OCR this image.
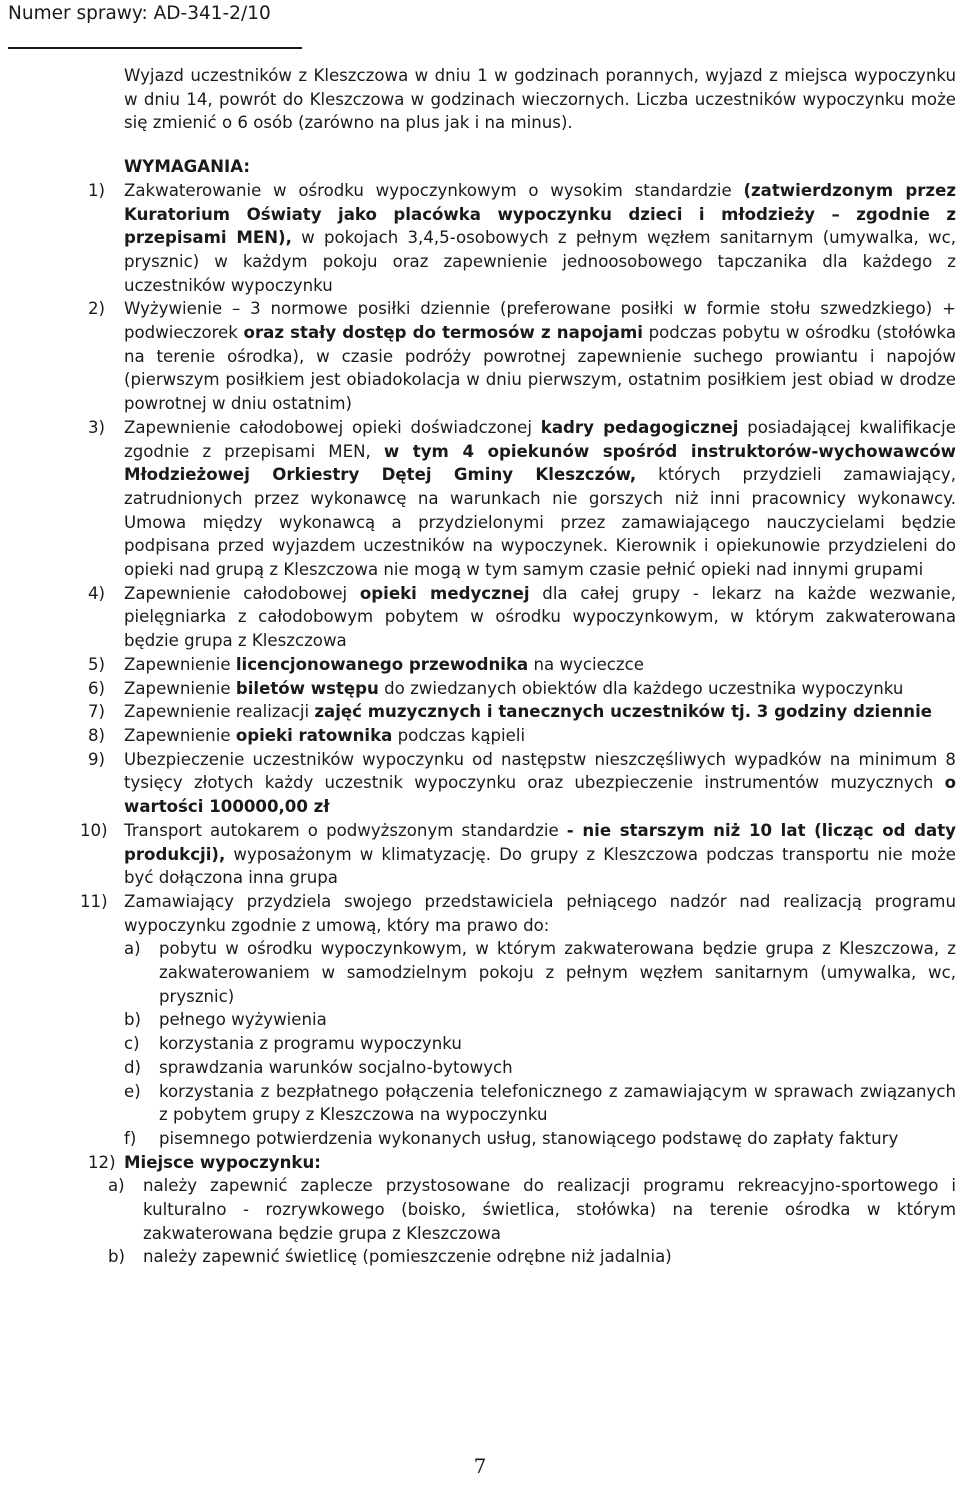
Numer sprawy: AD-341-2/10

Wyjazd uczestników z Kleszczowa w dniu 1 w godzinach porannych, wyjazd z miejsca wypoczynku w dniu 14, powrót do Kleszczowa w godzinach wieczornych. Liczba uczestników wypoczynku może się zmienić o 6 osób (zarówno na plus jak i na minus).

WYMAGANIA:

1) Zakwaterowanie w ośrodku wypoczynkowym o wysokim standardzie (zatwierdzonym przez Kuratorium Oświaty jako placówka wypoczynku dzieci i młodzieży – zgodnie z przepisami MEN), w pokojach 3,4,5-osobowych z pełnym węzłem sanitarnym (umywalka, wc, prysznic) w każdym pokoju oraz zapewnienie jednoosobowego tapczanika dla każdego z uczestników wypoczynku
2) Wyżywienie – 3 normowe posiłki dziennie (preferowane posiłki w formie stołu szwedzkiego) + podwieczorek oraz stały dostęp do termosów z napojami podczas pobytu w ośrodku (stołówka na terenie ośrodka), w czasie podróży powrotnej zapewnienie suchego prowiantu i napojów (pierwszym posiłkiem jest obiadokolacja w dniu pierwszym, ostatnim posiłkiem jest obiad w drodze powrotnej w dniu ostatnim)
3) Zapewnienie całodobowej opieki doświadczonej kadry pedagogicznej posiadającej kwalifikacje zgodnie z przepisami MEN, w tym 4 opiekunów spośród instruktorów-wychowawców Młodzieżowej Orkiestry Dętej Gminy Kleszczów, których przydzieli zamawiający, zatrudnionych przez wykonawcę na warunkach nie gorszych niż inni pracownicy wykonawcy. Umowa między wykonawcą a przydzielonymi przez zamawiającego nauczycielami będzie podpisana przed wyjazdem uczestników na wypoczynek. Kierownik i opiekunowie przydzieleni do opieki nad grupą z Kleszczowa nie mogą w tym samym czasie pełnić opieki nad innymi grupami
4) Zapewnienie całodobowej opieki medycznej dla całej grupy - lekarz na każde wezwanie, pielęgniarka z całodobowym pobytem w ośrodku wypoczynkowym, w którym zakwaterowana będzie grupa z Kleszczowa
5) Zapewnienie licencjonowanego przewodnika na wycieczce
6) Zapewnienie biletów wstępu do zwiedzanych obiektów dla każdego uczestnika wypoczynku
7) Zapewnienie realizacji zajęć muzycznych i tanecznych uczestników tj. 3 godziny dziennie
8) Zapewnienie opieki ratownika podczas kąpieli
9) Ubezpieczenie uczestników wypoczynku od następstw nieszczęśliwych wypadków na minimum 8 tysięcy złotych każdy uczestnik wypoczynku oraz ubezpieczenie instrumentów muzycznych o wartości 100000,00 zł
10) Transport autokarem o podwyższonym standardzie - nie starszym niż 10 lat (licząc od daty produkcji), wyposażonym w klimatyzację. Do grupy z Kleszczowa podczas transportu nie może być dołączona inna grupa
11) Zamawiający przydziela swojego przedstawiciela pełniącego nadzór nad realizacją programu wypoczynku zgodnie z umową, który ma prawo do:
a) pobytu w ośrodku wypoczynkowym, w którym zakwaterowana będzie grupa z Kleszczowa, z zakwaterowaniem w samodzielnym pokoju z pełnym węzłem sanitarnym (umywalka, wc, prysznic)
b) pełnego wyżywienia
c) korzystania z programu wypoczynku
d) sprawdzania warunków socjalno-bytowych
e) korzystania z bezpłatnego połączenia telefonicznego z zamawiającym w sprawach związanych z pobytem grupy z Kleszczowa na wypoczynku
f) pisemnego potwierdzenia wykonanych usług, stanowiącego podstawę do zapłaty faktury
12) Miejsce wypoczynku:
a) należy zapewnić zaplecze przystosowane do realizacji programu rekreacyjno-sportowego i kulturalno - rozrywkowego (boisko, świetlica, stołówka) na terenie ośrodka w którym zakwaterowana będzie grupa z Kleszczowa
b) należy zapewnić świetlicę (pomieszczenie odrębne niż jadalnia)
7
